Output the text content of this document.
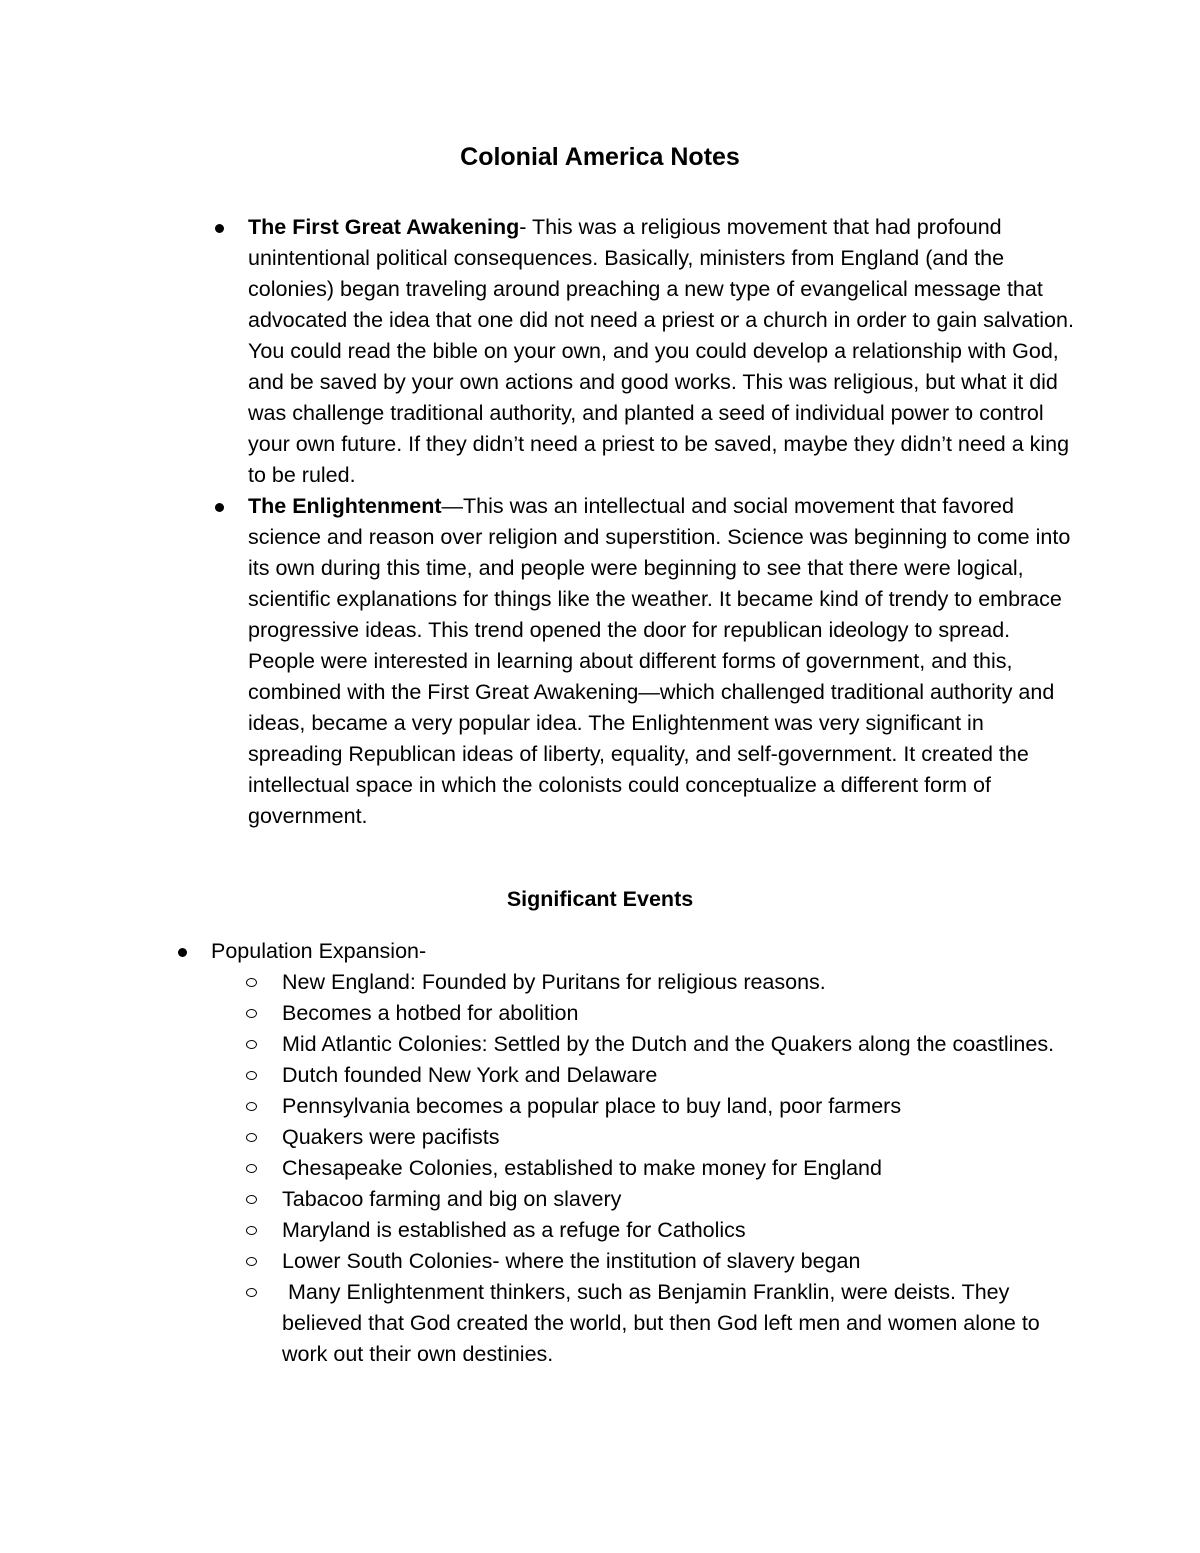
Colonial America Notes
The First Great Awakening- This was a religious movement that had profound unintentional political consequences. Basically, ministers from England (and the colonies) began traveling around preaching a new type of evangelical message that advocated the idea that one did not need a priest or a church in order to gain salvation. You could read the bible on your own, and you could develop a relationship with God, and be saved by your own actions and good works. This was religious, but what it did was challenge traditional authority, and planted a seed of individual power to control your own future. If they didn’t need a priest to be saved, maybe they didn’t need a king to be ruled.
The Enlightenment—This was an intellectual and social movement that favored science and reason over religion and superstition. Science was beginning to come into its own during this time, and people were beginning to see that there were logical, scientific explanations for things like the weather. It became kind of trendy to embrace progressive ideas. This trend opened the door for republican ideology to spread. People were interested in learning about different forms of government, and this, combined with the First Great Awakening—which challenged traditional authority and ideas, became a very popular idea. The Enlightenment was very significant in spreading Republican ideas of liberty, equality, and self-government. It created the intellectual space in which the colonists could conceptualize a different form of government.
Significant Events
Population Expansion-
New England: Founded by Puritans for religious reasons.
Becomes a hotbed for abolition
Mid Atlantic Colonies: Settled by the Dutch and the Quakers along the coastlines.
Dutch founded New York and Delaware
Pennsylvania becomes a popular place to buy land, poor farmers
Quakers were pacifists
Chesapeake Colonies, established to make money for England
Tabacoo farming and big on slavery
Maryland is established as a refuge for Catholics
Lower South Colonies- where the institution of slavery began
Many Enlightenment thinkers, such as Benjamin Franklin, were deists. They believed that God created the world, but then God left men and women alone to work out their own destinies.
